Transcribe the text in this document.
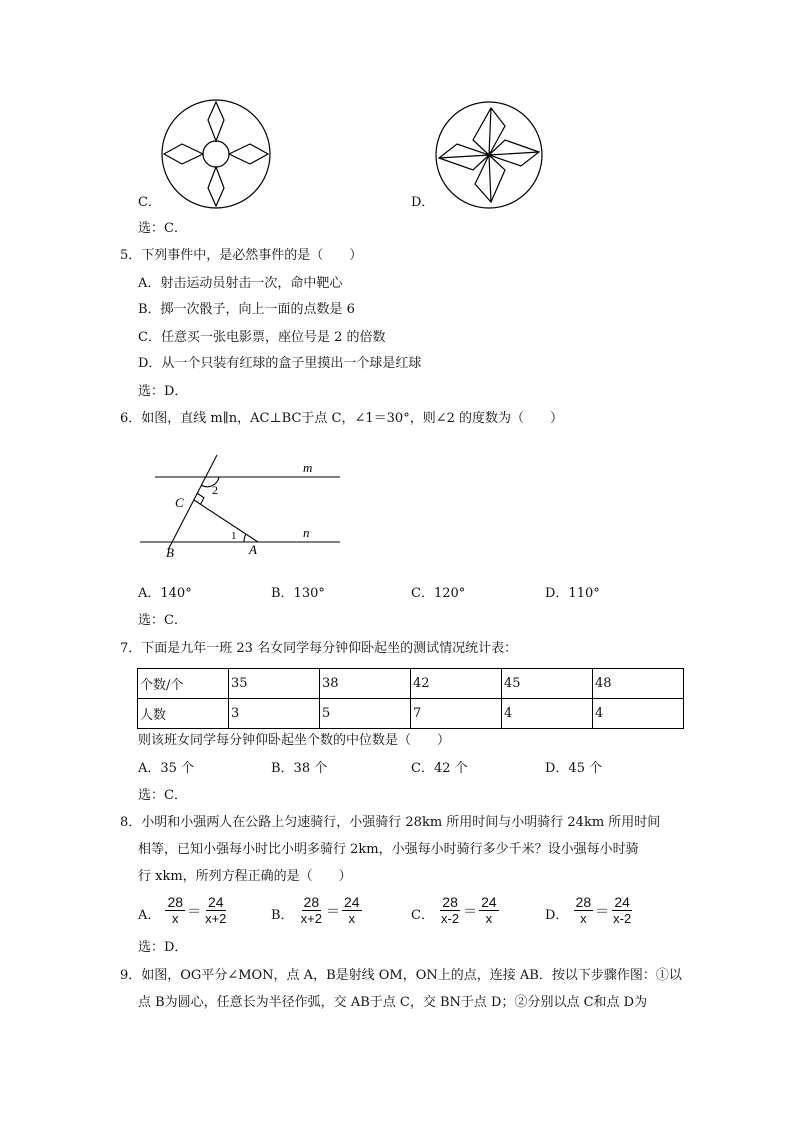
C．	D．
选：C．
5．下列事件中，是必然事件的是（　　）
A．射击运动员射击一次，命中靶心
B．掷一次骰子，向上一面的点数是 6
C．任意买一张电影票，座位号是 2 的倍数
D．从一个只装有红球的盒子里摸出一个球是红球
选：D．
6．如图，直线 m∥n，AC⊥BC于点 C，∠1＝30°，则∠2 的度数为（　　）
m
n
C
B	A
1
2
A．140°	B．130°	C．120°	D．110°
选：C．
7．下面是九年一班 23 名女同学每分钟仰卧起坐的测试情况统计表：
个数/个	35	38	42	45	48
人数	3	5	7	4	4
则该班女同学每分钟仰卧起坐个数的中位数是（　　）
A．35 个	B．38 个	C．42 个	D．45 个
选：C．
8．小明和小强两人在公路上匀速骑行，小强骑行 28km 所用时间与小明骑行 24km 所用时间
相等，已知小强每小时比小明多骑行 2km，小强每小时骑行多少千米？设小强每小时骑
行 xkm，所列方程正确的是（　　）
$_{A.} \frac{28}{x} = \frac{24}{x+2}$	$_{B.} \frac{28}{x+2} = \frac{24}{x}$	$_{C.} \frac{28}{x-2} = \frac{24}{x}$	$_{D.} \frac{28}{x} = \frac{24}{x-2}$
选：D．
9．如图，OG平分∠MON，点 A，B是射线 OM，ON上的点，连接 AB．按以下步骤作图：①以
点 B为圆心，任意长为半径作弧，交 AB于点 C，交 BN于点 D；②分别以点 C和点 D为
